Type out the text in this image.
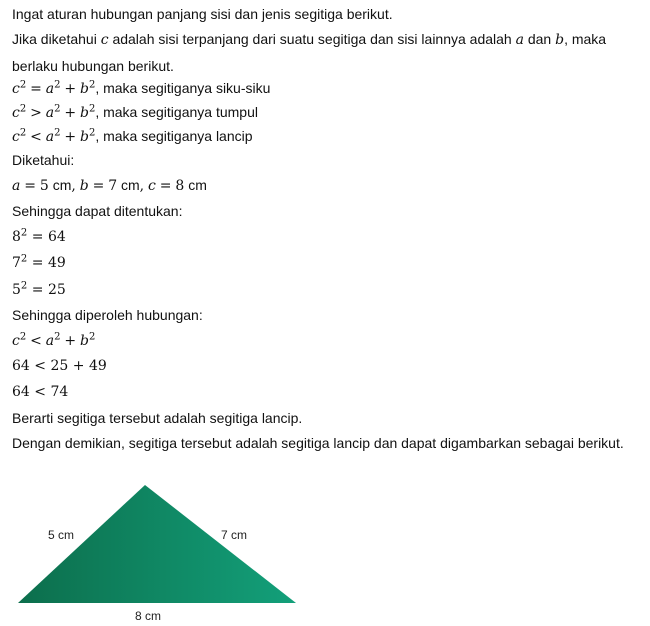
Ingat aturan hubungan panjang sisi dan jenis segitiga berikut.
Jika diketahui c adalah sisi terpanjang dari suatu segitiga dan sisi lainnya adalah a dan b, maka berlaku hubungan berikut.
$c^2 = a^2 + b^2$, maka segitiganya siku-siku
$c^2 > a^2 + b^2$, maka segitiganya tumpul
$c^2 < a^2 + b^2$, maka segitiganya lancip
Diketahui:
a = 5 cm, b = 7 cm, c = 8 cm
Sehingga dapat ditentukan:
$8^2 = 64$
$7^2 = 49$
$5^2 = 25$
Sehingga diperoleh hubungan:
$c^2 < a^2 + b^2$
64 < 25 + 49
64 < 74
Berarti segitiga tersebut adalah segitiga lancip.
Dengan demikian, segitiga tersebut adalah segitiga lancip dan dapat digambarkan sebagai berikut.
5 cm	7 cm
8 cm
